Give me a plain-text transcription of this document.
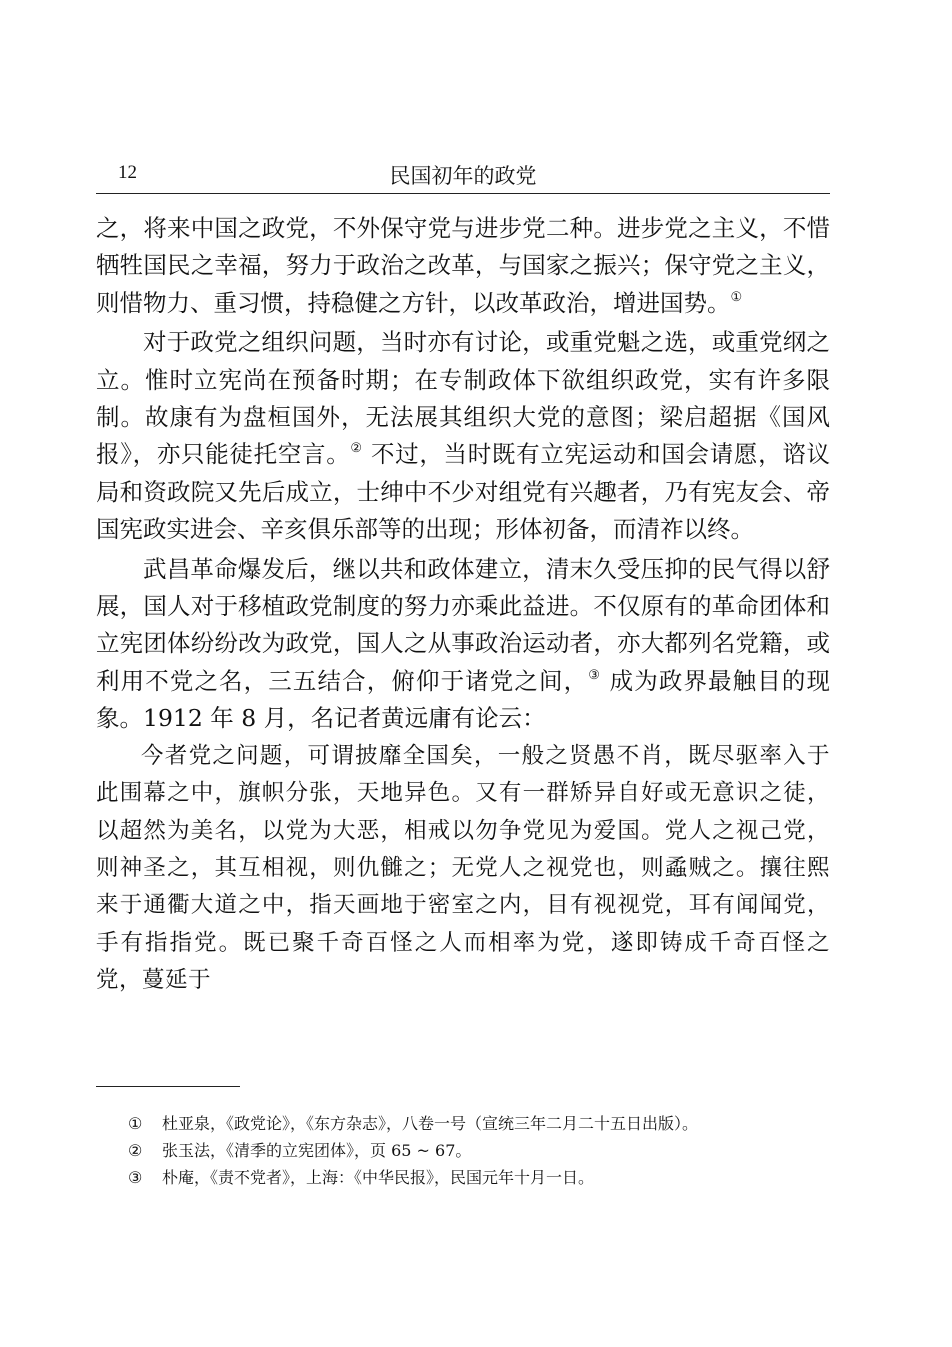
12	民国初年的政党

之，将来中国之政党，不外保守党与进步党二种。进步党之主义，不惜牺牲国民之幸福，努力于政治之改革，与国家之振兴；保守党之主义，则惜物力、重习惯，持稳健之方针，以改革政治，增进国势。①

对于政党之组织问题，当时亦有讨论，或重党魁之选，或重党纲之立。惟时立宪尚在预备时期；在专制政体下欲组织政党，实有许多限制。故康有为盘桓国外，无法展其组织大党的意图；梁启超据《国风报》，亦只能徒托空言。② 不过，当时既有立宪运动和国会请愿，谘议局和资政院又先后成立，士绅中不少对组党有兴趣者，乃有宪友会、帝国宪政实进会、辛亥俱乐部等的出现；形体初备，而清祚以终。

武昌革命爆发后，继以共和政体建立，清末久受压抑的民气得以舒展，国人对于移植政党制度的努力亦乘此益进。不仅原有的革命团体和立宪团体纷纷改为政党，国人之从事政治运动者，亦大都列名党籍，或利用不党之名，三五结合，俯仰于诸党之间，③ 成为政界最触目的现象。1912 年 8 月，名记者黄远庸有论云：

今者党之问题，可谓披靡全国矣，一般之贤愚不肖，既尽驱率入于此围幕之中，旗帜分张，天地异色。又有一群矫异自好或无意识之徒，以超然为美名，以党为大恶，相戒以勿争党见为爱国。党人之视己党，则神圣之，其互相视，则仇雠之；无党人之视党也，则蟊贼之。攘往熙来于通衢大道之中，指天画地于密室之内，目有视视党，耳有闻闻党，手有指指党。既已聚千奇百怪之人而相率为党，遂即铸成千奇百怪之党，蔓延于

①	杜亚泉，《政党论》，《东方杂志》，八卷一号（宣统三年二月二十五日出版）。
②	张玉法，《清季的立宪团体》，页 65 ~ 67。
③	朴庵，《责不党者》，上海：《中华民报》，民国元年十月一日。
